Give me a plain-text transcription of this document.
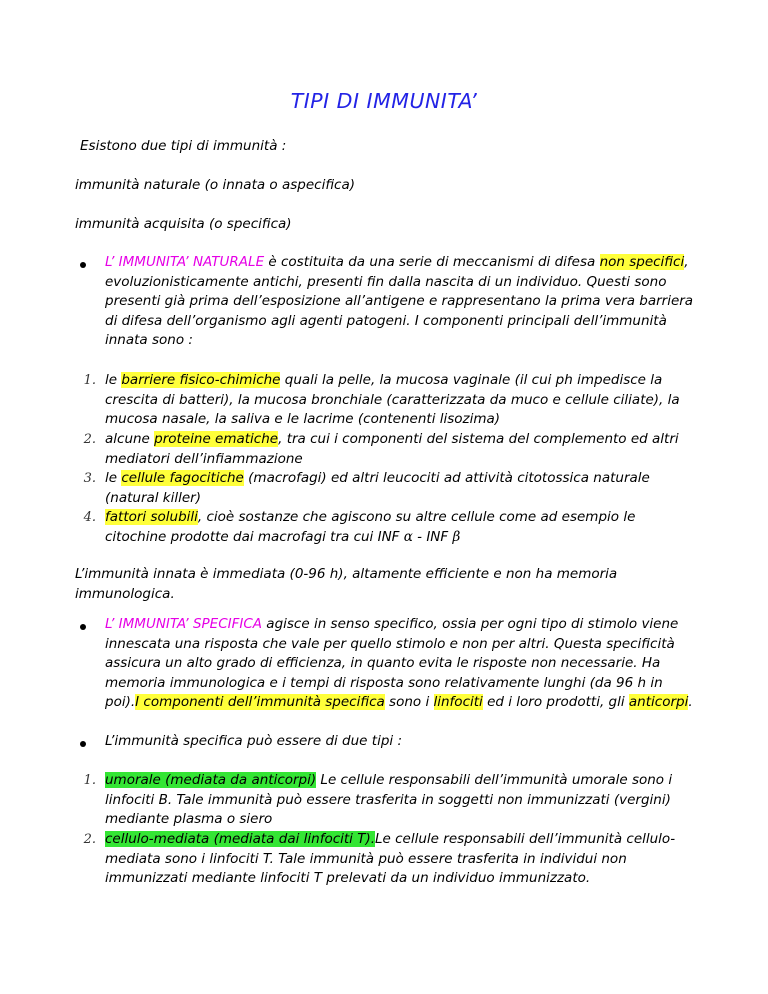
TIPI DI IMMUNITA’

Esistono due tipi di immunità :

immunità naturale (o innata o aspecifica)

immunità acquisita (o specifica)

L’ IMMUNITA’ NATURALE è costituita da una serie di meccanismi di difesa non specifici, evoluzionisticamente antichi, presenti fin dalla nascita di un individuo. Questi sono presenti già prima dell’esposizione all’antigene e rappresentano la prima vera barriera di difesa dell’organismo agli agenti patogeni. I componenti principali dell’immunità innata sono :

1. le barriere fisico-chimiche quali la pelle, la mucosa vaginale (il cui ph impedisce la crescita di batteri), la mucosa bronchiale (caratterizzata da muco e cellule ciliate), la mucosa nasale, la saliva e le lacrime (contenenti lisozima)

2. alcune proteine ematiche, tra cui i componenti del sistema del complemento ed altri mediatori dell’infiammazione

3. le cellule fagocitiche (macrofagi) ed altri leucociti ad attività citotossica naturale (natural killer)

4. fattori solubili, cioè sostanze che agiscono su altre cellule come ad esempio le citochine prodotte dai macrofagi tra cui INF α - INF β

L’immunità innata è immediata (0-96 h), altamente efficiente e non ha memoria immunologica.

L’ IMMUNITA’ SPECIFICA agisce in senso specifico, ossia per ogni tipo di stimolo viene innescata una risposta che vale per quello stimolo e non per altri. Questa specificità assicura un alto grado di efficienza, in quanto evita le risposte non necessarie. Ha memoria immunologica e i tempi di risposta sono relativamente lunghi (da 96 h in poi).I componenti dell’immunità specifica sono i linfociti ed i loro prodotti, gli anticorpi.

L’immunità specifica può essere di due tipi :

1. umorale (mediata da anticorpi) Le cellule responsabili dell’immunità umorale sono i linfociti B. Tale immunità può essere trasferita in soggetti non immunizzati (vergini) mediante plasma o siero

2. cellulo-mediata (mediata dai linfociti T).Le cellule responsabili dell’immunità cellulo-mediata sono i linfociti T. Tale immunità può essere trasferita in individui non immunizzati mediante linfociti T prelevati da un individuo immunizzato.
